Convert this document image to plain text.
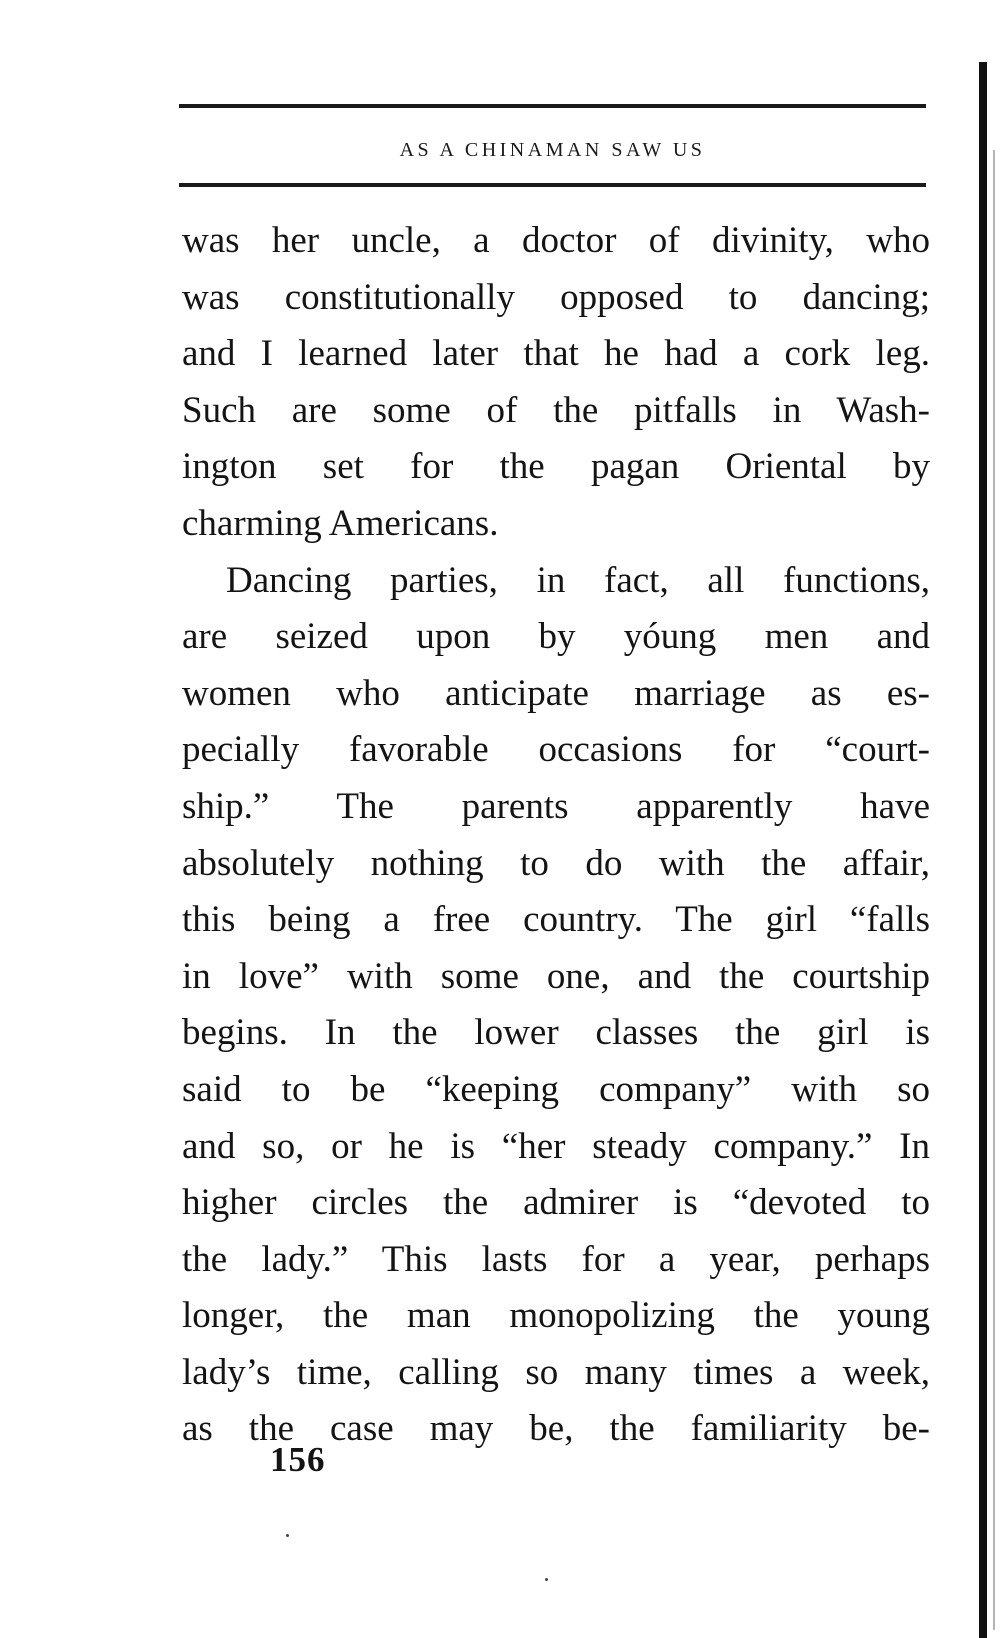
AS A CHINAMAN SAW US
was her uncle, a doctor of divinity, who
was constitutionally opposed to dancing;
and I learned later that he had a cork leg.
Such are some of the pitfalls in Wash-
ington set for the pagan Oriental by
charming Americans.
Dancing parties, in fact, all functions,
are seized upon by yóung men and
women who anticipate marriage as es-
pecially favorable occasions for “court-
ship.” The parents apparently have
absolutely nothing to do with the affair,
this being a free country. The girl “falls
in love” with some one, and the courtship
begins. In the lower classes the girl is
said to be “keeping company” with so
and so, or he is “her steady company.” In
higher circles the admirer is “devoted to
the lady.” This lasts for a year, perhaps
longer, the man monopolizing the young
lady’s time, calling so many times a week,
as the case may be, the familiarity be-
156
